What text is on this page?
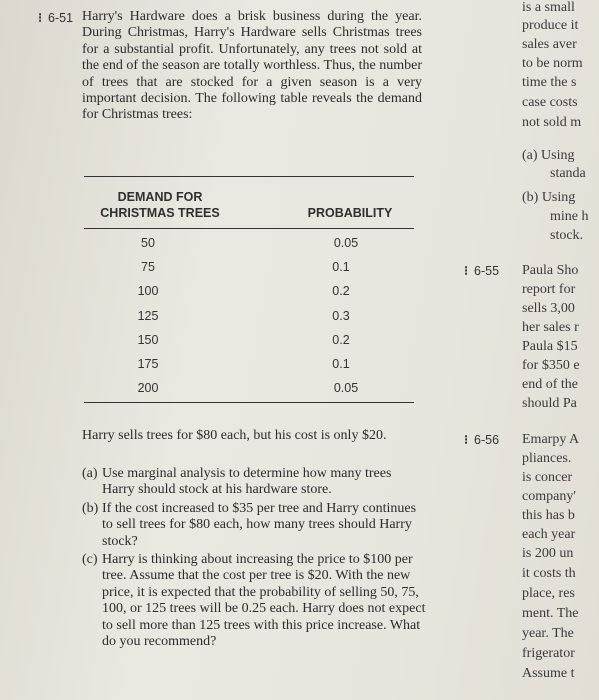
⁝ 6-51 Harry's Hardware does a brisk business during the year. During Christmas, Harry's Hardware sells Christmas trees for a substantial profit. Unfortunately, any trees not sold at the end of the season are totally worthless. Thus, the number of trees that are stocked for a given season is a very important decision. The following table reveals the demand for Christmas trees:

DEMAND FOR CHRISTMAS TREES	PROBABILITY
50	0.05
75	0.1
100	0.2
125	0.3
150	0.2
175	0.1
200	0.05

Harry sells trees for $80 each, but his cost is only $20.

(a) Use marginal analysis to determine how many trees Harry should stock at his hardware store.
(b) If the cost increased to $35 per tree and Harry continues to sell trees for $80 each, how many trees should Harry stock?
(c) Harry is thinking about increasing the price to $100 per tree. Assume that the cost per tree is $20. With the new price, it is expected that the probability of selling 50, 75, 100, or 125 trees will be 0.25 each. Harry does not expect to sell more than 125 trees with this price increase. What do you recommend?
⁝ 6-55
⁝ 6-56
is a small
produce it
sales aver
to be norm
time the s
case costs
not sold m
(a) Using
standa
(b) Using
mine h
stock.
Paula Sho
report for
sells 3,00
her sales r
Paula $15
for $350 e
end of the
should Pa
Emarpy A
pliances.
is concer
company'
this has b
each year
is 200 un
it costs th
place, res
ment. The
year. The
frigerator
Assume t
